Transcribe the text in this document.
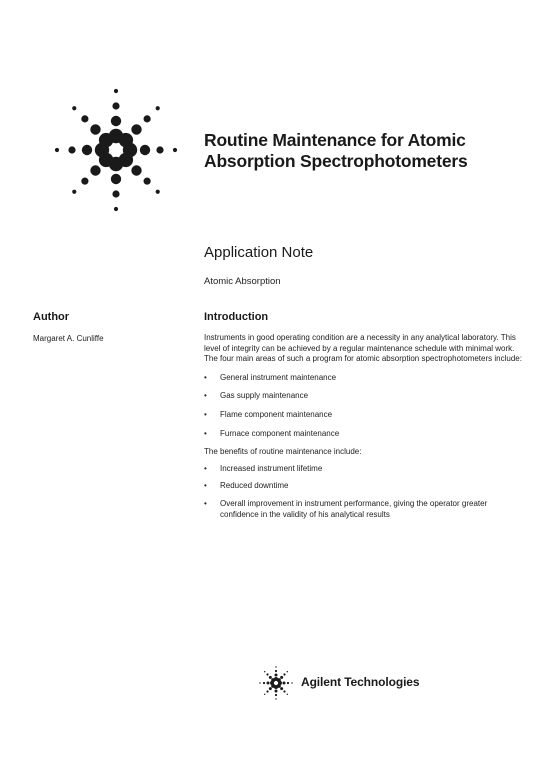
Routine Maintenance for Atomic
Absorption Spectrophotometers
Application Note
Atomic Absorption
Author
Margaret A. Cunliffe
Introduction

Instruments in good operating condition are a necessity in any analytical laboratory. This level of integrity can be achieved by a regular maintenance schedule with minimal work. The four main areas of such a program for atomic absorption spectrophotometers include:

• General instrument maintenance
• Gas supply maintenance
• Flame component maintenance
• Furnace component maintenance

The benefits of routine maintenance include:

• Increased instrument lifetime
• Reduced downtime
• Overall improvement in instrument performance, giving the operator greater confidence in the validity of his analytical results
Agilent Technologies
